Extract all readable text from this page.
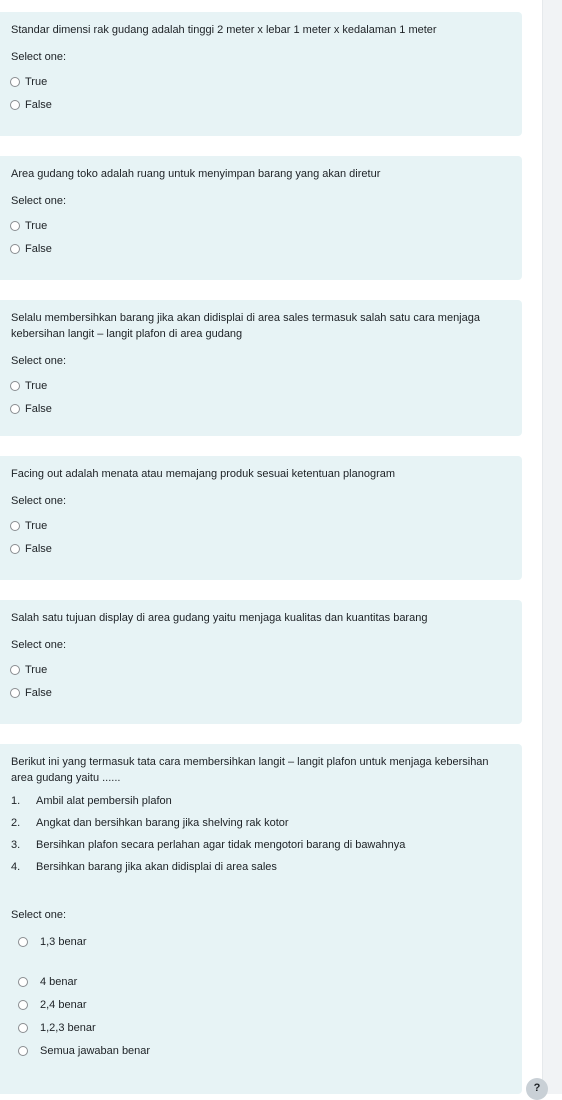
Standar dimensi rak gudang adalah tinggi 2 meter x lebar 1 meter x kedalaman 1 meter

Select one:
True
False

Area gudang toko adalah ruang untuk menyimpan barang yang akan diretur

Select one:
True
False

Selalu membersihkan barang jika akan didisplai di area sales termasuk salah satu cara menjaga
kebersihan langit – langit plafon di area gudang

Select one:
True
False

Facing out adalah menata atau memajang produk sesuai ketentuan planogram

Select one:
True
False

Salah satu tujuan display di area gudang yaitu menjaga kualitas dan kuantitas barang

Select one:
True
False

Berikut ini yang termasuk tata cara membersihkan langit – langit plafon untuk menjaga kebersihan
area gudang yaitu ......

1.	Ambil alat pembersih plafon
2.	Angkat dan bersihkan barang jika shelving rak kotor
3.	Bersihkan plafon secara perlahan agar tidak mengotori barang di bawahnya
4.	Bersihkan barang jika akan didisplai di area sales
Select one:
1,3 benar
4 benar
2,4 benar
1,2,3 benar
Semua jawaban benar
?
